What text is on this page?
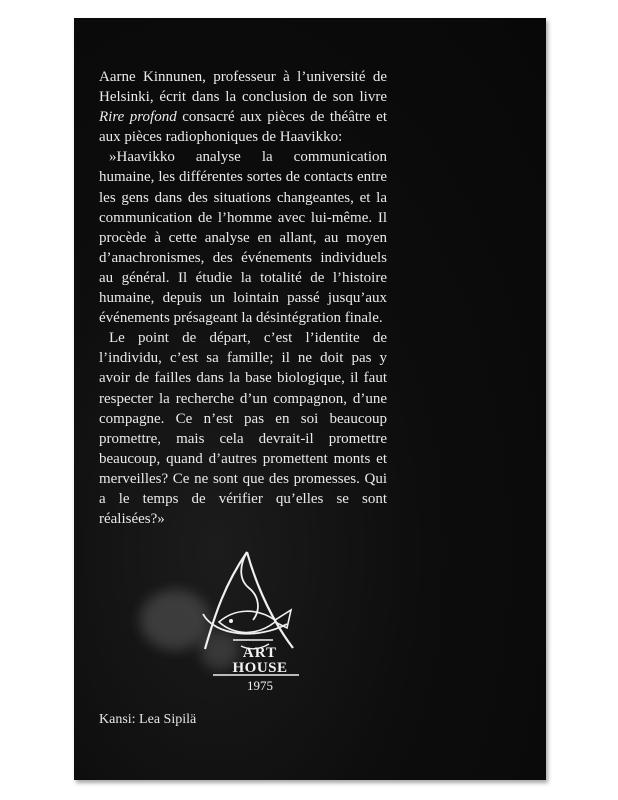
Aarne Kinnunen, professeur à l’université de Helsinki, écrit dans la conclusion de son livre Rire profond consacré aux pièces de théâtre et aux pièces radiophoniques de Haavikko:

»Haavikko analyse la communication humaine, les différentes sortes de contacts entre les gens dans des situations changeantes, et la communication de l’homme avec lui-même. Il procède à cette analyse en allant, au moyen d’anachronismes, des événements individuels au général. Il étudie la totalité de l’histoire humaine, depuis un lointain passé jusqu’aux événements présageant la désintégration finale.

Le point de départ, c’est l’identite de l’individu, c’est sa famille; il ne doit pas y avoir de failles dans la base biologique, il faut respecter la recherche d’un compagnon, d’une compagne. Ce n’est pas en soi beaucoup promettre, mais cela devrait-il promettre beaucoup, quand d’autres promettent monts et merveilles? Ce ne sont que des promesses. Qui a le temps de vérifier qu’elles se sont réalisées?»

ART
HOUSE
1975
Kansi: Lea Sipilä
